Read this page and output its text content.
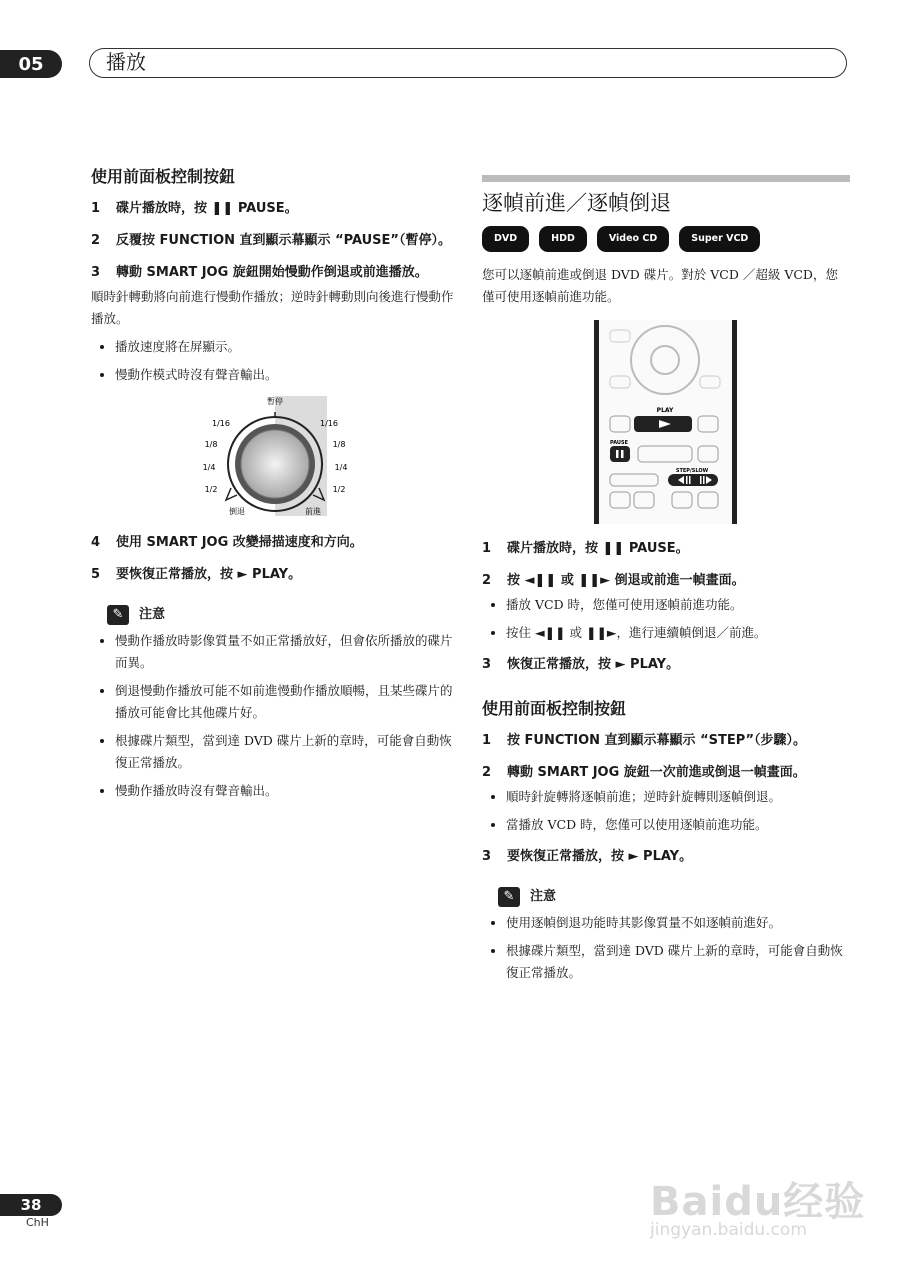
05	播放
使用前面板控制按鈕
1 碟片播放時，按 ❚❚ PAUSE。
2 反覆按 FUNCTION 直到顯示幕顯示 “PAUSE”（暫停）。
3 轉動 SMART JOG 旋鈕開始慢動作倒退或前進播放。

順時針轉動將向前進行慢動作播放；逆時針轉動則向後進行慢動作播放。

• 播放速度將在屏顯示。
• 慢動作模式時沒有聲音輸出。
暫停
1/16
1/8
1/4
1/2
1/16
1/8
1/4
1/2
倒退	前進
4 使用 SMART JOG 改變掃描速度和方向。
5 要恢復正常播放，按 ► PLAY。
✎	注意
• 慢動作播放時影像質量不如正常播放好，但會依所播放的碟片而異。
• 倒退慢動作播放可能不如前進慢動作播放順暢，且某些碟片的播放可能會比其他碟片好。
• 根據碟片類型，當到達 DVD 碟片上新的章時，可能會自動恢復正常播放。
• 慢動作播放時沒有聲音輸出。
逐幀前進／逐幀倒退
DVD	HDD	Video CD	Super VCD

您可以逐幀前進或倒退 DVD 碟片。對於 VCD ／超級 VCD，您僅可使用逐幀前進功能。

PLAY
PAUSE
STEP/SLOW
1 碟片播放時，按 ❚❚ PAUSE。
2 按 ◄❚❚ 或 ❚❚► 倒退或前進一幀畫面。
• 播放 VCD 時，您僅可使用逐幀前進功能。
• 按住 ◄❚❚ 或 ❚❚►，進行連續幀倒退／前進。
3 恢復正常播放，按 ► PLAY。
使用前面板控制按鈕
1 按 FUNCTION 直到顯示幕顯示 “STEP”（步驟）。
2 轉動 SMART JOG 旋鈕一次前進或倒退一幀畫面。
• 順時針旋轉將逐幀前進；逆時針旋轉則逐幀倒退。
• 當播放 VCD 時，您僅可以使用逐幀前進功能。
3 要恢復正常播放，按 ► PLAY。
✎	注意
• 使用逐幀倒退功能時其影像質量不如逐幀前進好。
• 根據碟片類型，當到達 DVD 碟片上新的章時，可能會自動恢復正常播放。
38
ChH	Baidu经验
jingyan.baidu.com
